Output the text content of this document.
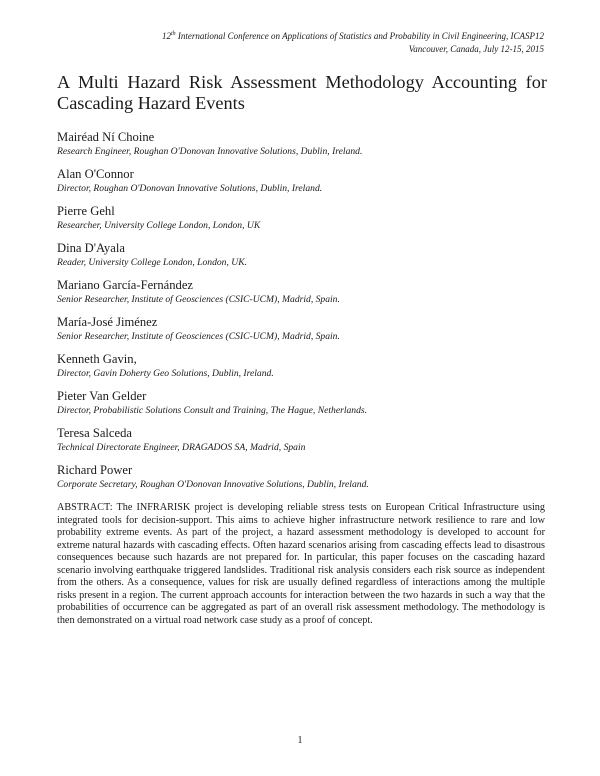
12th International Conference on Applications of Statistics and Probability in Civil Engineering, ICASP12
Vancouver, Canada, July 12-15, 2015
A Multi Hazard Risk Assessment Methodology Accounting for Cascading Hazard Events
Mairéad Ní Choine
Research Engineer, Roughan O'Donovan Innovative Solutions, Dublin, Ireland.
Alan O'Connor
Director, Roughan O'Donovan Innovative Solutions, Dublin, Ireland.
Pierre Gehl
Researcher, University College London, London, UK
Dina D'Ayala
Reader, University College London, London, UK.
Mariano García-Fernández
Senior Researcher, Institute of Geosciences (CSIC-UCM), Madrid, Spain.
María-José Jiménez
Senior Researcher, Institute of Geosciences (CSIC-UCM), Madrid, Spain.
Kenneth Gavin,
Director, Gavin Doherty Geo Solutions, Dublin, Ireland.
Pieter Van Gelder
Director, Probabilistic Solutions Consult and Training, The Hague, Netherlands.
Teresa Salceda
Technical Directorate Engineer, DRAGADOS SA, Madrid, Spain
Richard Power
Corporate Secretary, Roughan O'Donovan Innovative Solutions, Dublin, Ireland.

ABSTRACT: The INFRARISK project is developing reliable stress tests on European Critical Infrastructure using integrated tools for decision-support. This aims to achieve higher infrastructure network resilience to rare and low probability extreme events. As part of the project, a hazard assessment methodology is developed to account for extreme natural hazards with cascading effects. Often hazard scenarios arising from cascading effects lead to disastrous consequences because such hazards are not prepared for. In particular, this paper focuses on the cascading hazard scenario involving earthquake triggered landslides. Traditional risk analysis considers each risk source as independent from the others. As a consequence, values for risk are usually defined regardless of interactions among the multiple risks present in a region. The current approach accounts for interaction between the two hazards in such a way that the probabilities of occurrence can be aggregated as part of an overall risk assessment methodology. The methodology is then demonstrated on a virtual road network case study as a proof of concept.

1
